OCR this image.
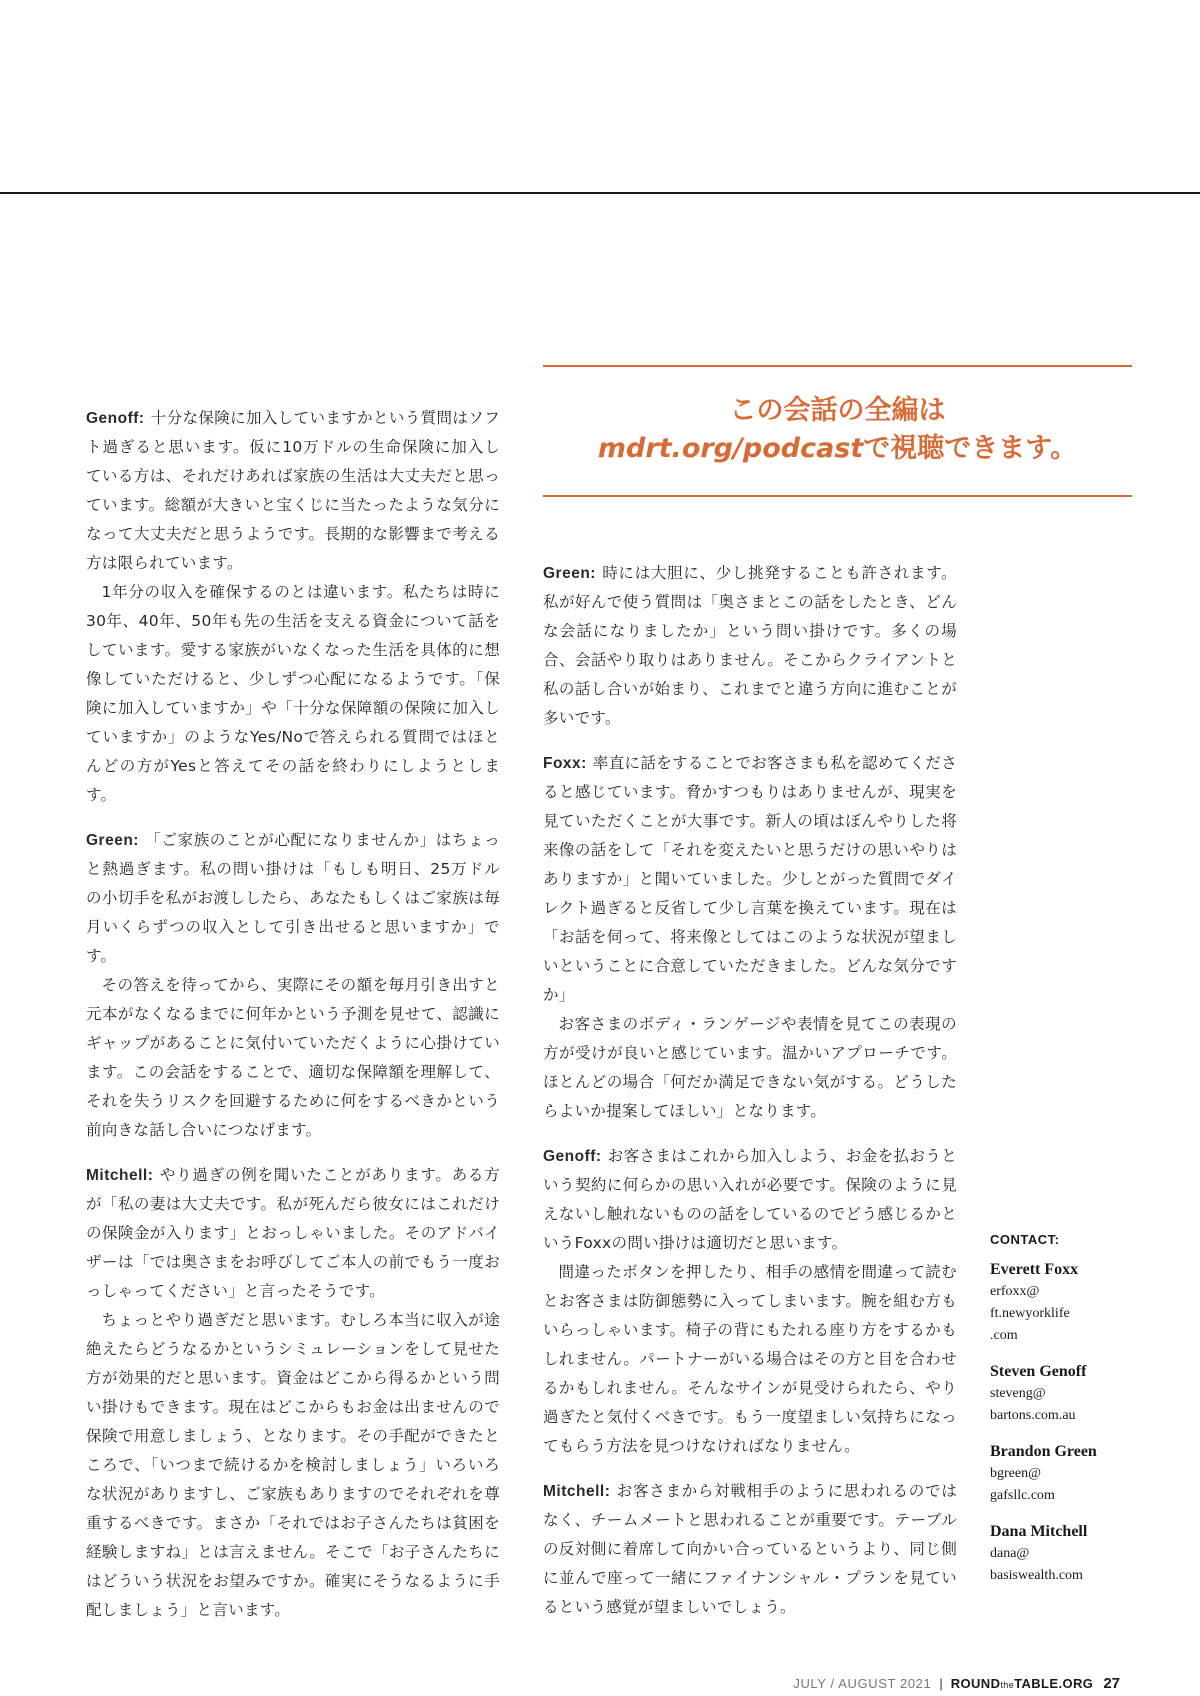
Genoff: 十分な保険に加入していますかという質問はソフト過ぎると思います。仮に10万ドルの生命保険に加入している方は、それだけあれば家族の生活は大丈夫だと思っています。総額が大きいと宝くじに当たったような気分になって大丈夫だと思うようです。長期的な影響まで考える方は限られています。

1年分の収入を確保するのとは違います。私たちは時に30年、40年、50年も先の生活を支える資金について話をしています。愛する家族がいなくなった生活を具体的に想像していただけると、少しずつ心配になるようです。「保険に加入していますか」や「十分な保障額の保険に加入していますか」のようなYes/Noで答えられる質問ではほとんどの方がYesと答えてその話を終わりにしようとします。

Green: 「ご家族のことが心配になりませんか」はちょっと熱過ぎます。私の問い掛けは「もしも明日、25万ドルの小切手を私がお渡ししたら、あなたもしくはご家族は毎月いくらずつの収入として引き出せると思いますか」です。

その答えを待ってから、実際にその額を毎月引き出すと元本がなくなるまでに何年かという予測を見せて、認識にギャップがあることに気付いていただくように心掛けています。この会話をすることで、適切な保障額を理解して、それを失うリスクを回避するために何をするべきかという前向きな話し合いにつなげます。

Mitchell: やり過ぎの例を聞いたことがあります。ある方が「私の妻は大丈夫です。私が死んだら彼女にはこれだけの保険金が入ります」とおっしゃいました。そのアドバイザーは「では奥さまをお呼びしてご本人の前でもう一度おっしゃってください」と言ったそうです。

ちょっとやり過ぎだと思います。むしろ本当に収入が途絶えたらどうなるかというシミュレーションをして見せた方が効果的だと思います。資金はどこから得るかという問い掛けもできます。現在はどこからもお金は出ませんので保険で用意しましょう、となります。その手配ができたところで、「いつまで続けるかを検討しましょう」いろいろな状況がありますし、ご家族もありますのでそれぞれを尊重するべきです。まさか「それではお子さんたちは貧困を経験しますね」とは言えません。そこで「お子さんたちにはどういう状況をお望みですか。確実にそうなるように手配しましょう」と言います。

この会話の全編は
mdrt.org/podcastで視聴できます。

Green: 時には大胆に、少し挑発することも許されます。私が好んで使う質問は「奥さまとこの話をしたとき、どんな会話になりましたか」という問い掛けです。多くの場合、会話やり取りはありません。そこからクライアントと私の話し合いが始まり、これまでと違う方向に進むことが多いです。

Foxx: 率直に話をすることでお客さまも私を認めてくださると感じています。脅かすつもりはありませんが、現実を見ていただくことが大事です。新人の頃はぼんやりした将来像の話をして「それを変えたいと思うだけの思いやりはありますか」と聞いていました。少しとがった質問でダイレクト過ぎると反省して少し言葉を換えています。現在は「お話を伺って、将来像としてはこのような状況が望ましいということに合意していただきました。どんな気分ですか」

お客さまのボディ・ランゲージや表情を見てこの表現の方が受けが良いと感じています。温かいアプローチです。ほとんどの場合「何だか満足できない気がする。どうしたらよいか提案してほしい」となります。

Genoff: お客さまはこれから加入しよう、お金を払おうという契約に何らかの思い入れが必要です。保険のように見えないし触れないものの話をしているのでどう感じるかというFoxxの問い掛けは適切だと思います。

間違ったボタンを押したり、相手の感情を間違って読むとお客さまは防御態勢に入ってしまいます。腕を組む方もいらっしゃいます。椅子の背にもたれる座り方をするかもしれません。パートナーがいる場合はその方と目を合わせるかもしれません。そんなサインが見受けられたら、やり過ぎたと気付くべきです。もう一度望ましい気持ちになってもらう方法を見つけなければなりません。

Mitchell: お客さまから対戦相手のように思われるのではなく、チームメートと思われることが重要です。テーブルの反対側に着席して向かい合っているというより、同じ側に並んで座って一緒にファイナンシャル・プランを見ているという感覚が望ましいでしょう。

CONTACT:
Everett Foxx
erfoxx@
ft.newyorklife
.com
Steven Genoff
steveng@
bartons.com.au
Brandon Green
bgreen@
gafsllc.com
Dana Mitchell
dana@
basiswealth.com
JULY / AUGUST 2021 | ROUNDtheTABLE.ORG 27
